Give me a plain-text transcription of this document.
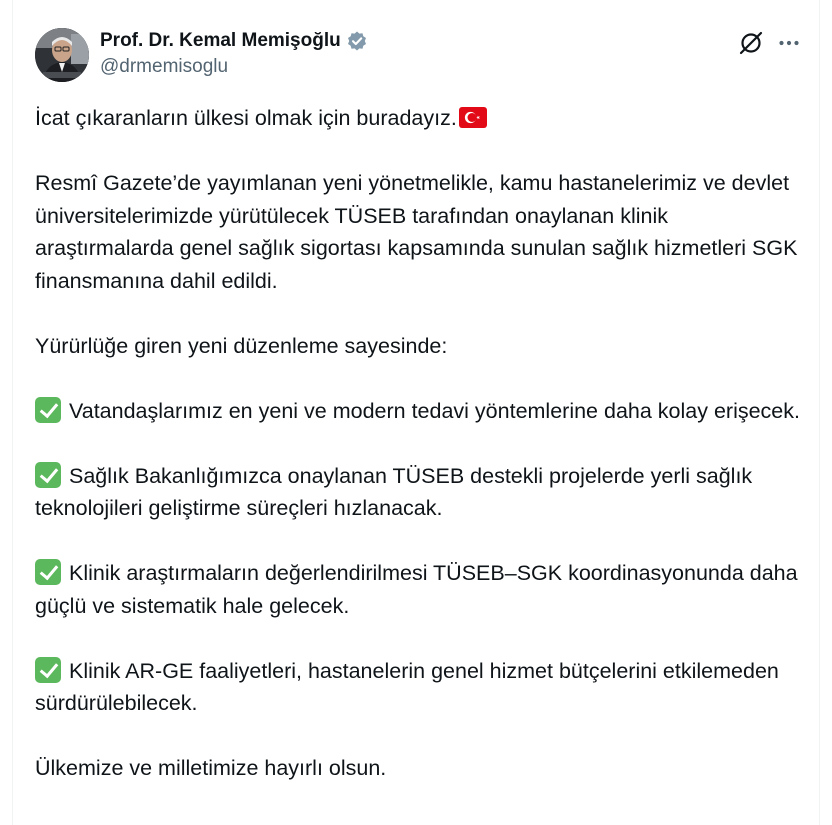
Prof. Dr. Kemal Memişoğlu
@drmemisoglu

İcat çıkaranların ülkesi olmak için buradayız.

Resmî Gazete’de yayımlanan yeni yönetmelikle, kamu hastanelerimiz ve devlet üniversitelerimizde yürütülecek TÜSEB tarafından onaylanan klinik araştırmalarda genel sağlık sigortası kapsamında sunulan sağlık hizmetleri SGK finansmanına dahil edildi.

Yürürlüğe giren yeni düzenleme sayesinde:

Vatandaşlarımız en yeni ve modern tedavi yöntemlerine daha kolay erişecek.

Sağlık Bakanlığımızca onaylanan TÜSEB destekli projelerde yerli sağlık teknolojileri geliştirme süreçleri hızlanacak.

Klinik araştırmaların değerlendirilmesi TÜSEB–SGK koordinasyonunda daha güçlü ve sistematik hale gelecek.

Klinik AR-GE faaliyetleri, hastanelerin genel hizmet bütçelerini etkilemeden sürdürülebilecek.

Ülkemize ve milletimize hayırlı olsun.
